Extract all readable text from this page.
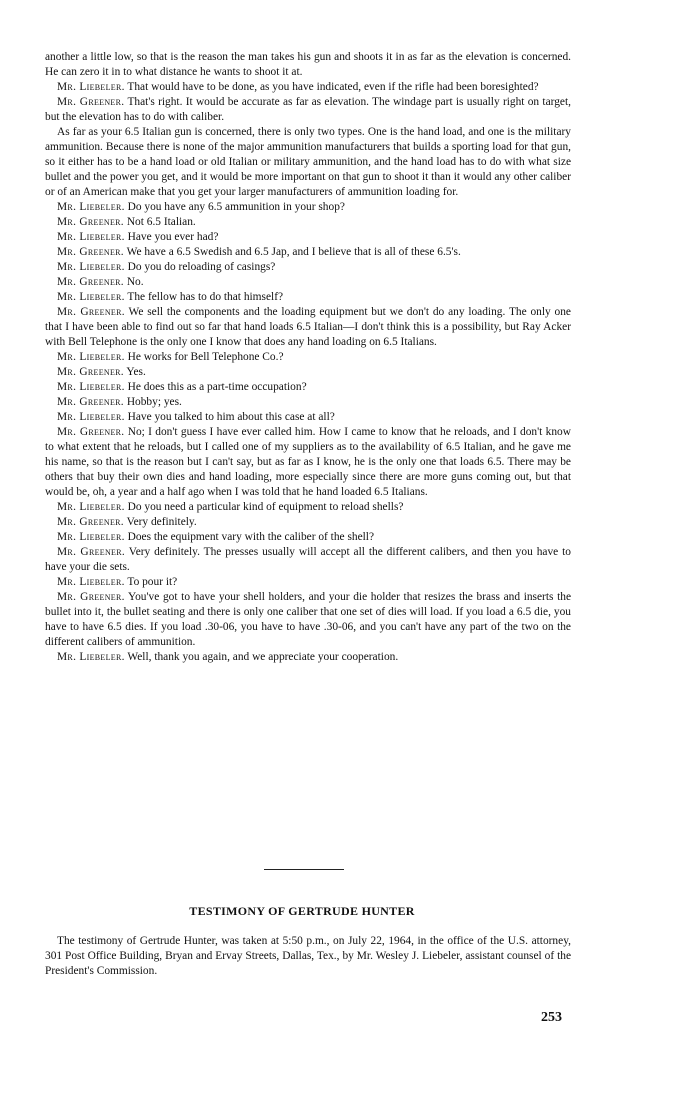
another a little low, so that is the reason the man takes his gun and shoots it in as far as the elevation is concerned. He can zero it in to what distance he wants to shoot it at.

Mr. Liebeler. That would have to be done, as you have indicated, even if the rifle had been boresighted?

Mr. Greener. That's right. It would be accurate as far as elevation. The windage part is usually right on target, but the elevation has to do with caliber.

As far as your 6.5 Italian gun is concerned, there is only two types. One is the hand load, and one is the military ammunition. Because there is none of the major ammunition manufacturers that builds a sporting load for that gun, so it either has to be a hand load or old Italian or military ammunition, and the hand load has to do with what size bullet and the power you get, and it would be more important on that gun to shoot it than it would any other caliber or of an American make that you get your larger manufacturers of ammunition loading for.

Mr. Liebeler. Do you have any 6.5 ammunition in your shop?

Mr. Greener. Not 6.5 Italian.

Mr. Liebeler. Have you ever had?

Mr. Greener. We have a 6.5 Swedish and 6.5 Jap, and I believe that is all of these 6.5's.

Mr. Liebeler. Do you do reloading of casings?

Mr. Greener. No.

Mr. Liebeler. The fellow has to do that himself?

Mr. Greener. We sell the components and the loading equipment but we don't do any loading. The only one that I have been able to find out so far that hand loads 6.5 Italian—I don't think this is a possibility, but Ray Acker with Bell Telephone is the only one I know that does any hand loading on 6.5 Italians.

Mr. Liebeler. He works for Bell Telephone Co.?

Mr. Greener. Yes.

Mr. Liebeler. He does this as a part-time occupation?

Mr. Greener. Hobby; yes.

Mr. Liebeler. Have you talked to him about this case at all?

Mr. Greener. No; I don't guess I have ever called him. How I came to know that he reloads, and I don't know to what extent that he reloads, but I called one of my suppliers as to the availability of 6.5 Italian, and he gave me his name, so that is the reason but I can't say, but as far as I know, he is the only one that loads 6.5. There may be others that buy their own dies and hand loading, more especially since there are more guns coming out, but that would be, oh, a year and a half ago when I was told that he hand loaded 6.5 Italians.

Mr. Liebeler. Do you need a particular kind of equipment to reload shells?

Mr. Greener. Very definitely.

Mr. Liebeler. Does the equipment vary with the caliber of the shell?

Mr. Greener. Very definitely. The presses usually will accept all the different calibers, and then you have to have your die sets.

Mr. Liebeler. To pour it?

Mr. Greener. You've got to have your shell holders, and your die holder that resizes the brass and inserts the bullet into it, the bullet seating and there is only one caliber that one set of dies will load. If you load a 6.5 die, you have to have 6.5 dies. If you load .30-06, you have to have .30-06, and you can't have any part of the two on the different calibers of ammunition.

Mr. Liebeler. Well, thank you again, and we appreciate your cooperation.

TESTIMONY OF GERTRUDE HUNTER

The testimony of Gertrude Hunter, was taken at 5:50 p.m., on July 22, 1964, in the office of the U.S. attorney, 301 Post Office Building, Bryan and Ervay Streets, Dallas, Tex., by Mr. Wesley J. Liebeler, assistant counsel of the President's Commission.

253
